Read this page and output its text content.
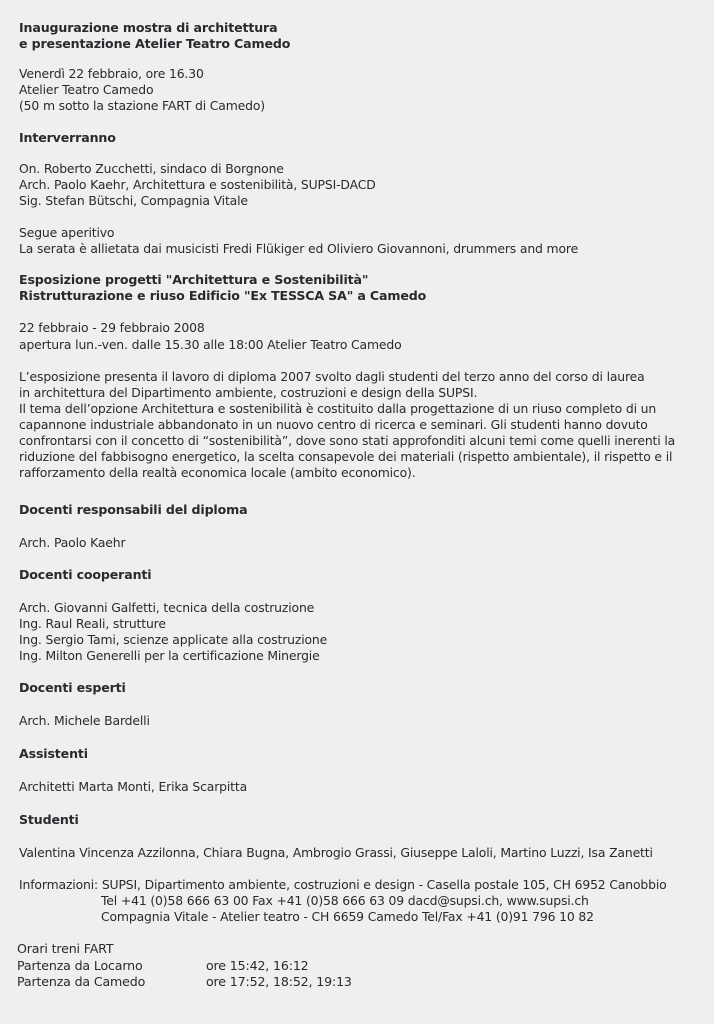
Inaugurazione mostra di architettura
e presentazione Atelier Teatro Camedo
Venerdì 22 febbraio, ore 16.30
Atelier Teatro Camedo
(50 m sotto la stazione FART di Camedo)
Interverranno
On. Roberto Zucchetti, sindaco di Borgnone
Arch. Paolo Kaehr, Architettura e sostenibilità, SUPSI-DACD
Sig. Stefan Bütschi, Compagnia Vitale
Segue aperitivo
La serata è allietata dai musicisti Fredi Flükiger ed Oliviero Giovannoni, drummers and more
Esposizione progetti "Architettura e Sostenibilità"
Ristrutturazione e riuso Edificio "Ex TESSCA SA" a Camedo
22 febbraio - 29 febbraio 2008
apertura lun.-ven. dalle 15.30 alle 18:00 Atelier Teatro Camedo
L’esposizione presenta il lavoro di diploma 2007 svolto dagli studenti del terzo anno del corso di laurea
in architettura del Dipartimento ambiente, costruzioni e design della SUPSI.
Il tema dell’opzione Architettura e sostenibilità è costituito dalla progettazione di un riuso completo di un
capannone industriale abbandonato in un nuovo centro di ricerca e seminari. Gli studenti hanno dovuto
confrontarsi con il concetto di “sostenibilità”, dove sono stati approfonditi alcuni temi come quelli inerenti la
riduzione del fabbisogno energetico, la scelta consapevole dei materiali (rispetto ambientale), il rispetto e il
rafforzamento della realtà economica locale (ambito economico).
Docenti responsabili del diploma
Arch. Paolo Kaehr
Docenti cooperanti
Arch. Giovanni Galfetti, tecnica della costruzione
Ing. Raul Reali, strutture
Ing. Sergio Tami, scienze applicate alla costruzione
Ing. Milton Generelli per la certificazione Minergie
Docenti esperti
Arch. Michele Bardelli
Assistenti
Architetti Marta Monti, Erika Scarpitta
Studenti
Valentina Vincenza Azzilonna, Chiara Bugna, Ambrogio Grassi, Giuseppe Laloli, Martino Luzzi, Isa Zanetti
Informazioni: SUPSI, Dipartimento ambiente, costruzioni e design - Casella postale 105, CH 6952 Canobbio
Tel +41 (0)58 666 63 00 Fax +41 (0)58 666 63 09 dacd@supsi.ch, www.supsi.ch
Compagnia Vitale - Atelier teatro - CH 6659 Camedo Tel/Fax +41 (0)91 796 10 82
Orari treni FART
Partenza da Locarno	ore 15:42, 16:12
Partenza da Camedo	ore 17:52, 18:52, 19:13
